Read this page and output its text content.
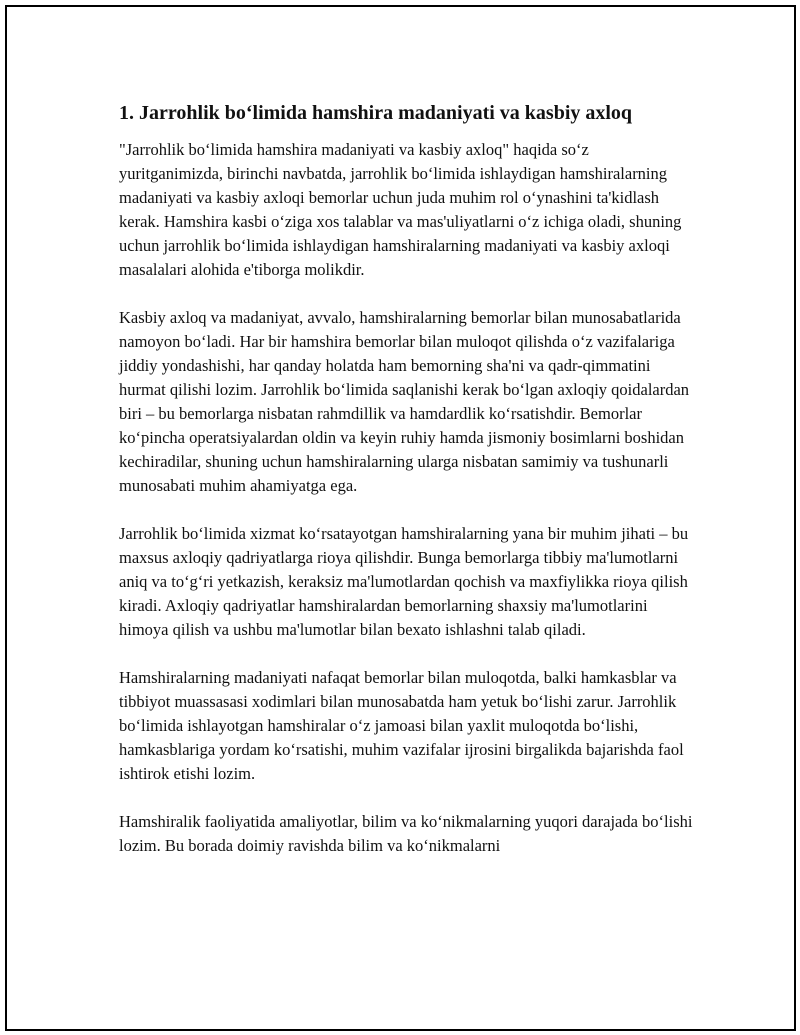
1. Jarrohlik bo‘limida hamshira madaniyati va kasbiy axloq

"Jarrohlik bo‘limida hamshira madaniyati va kasbiy axloq" haqida so‘z yuritganimizda, birinchi navbatda, jarrohlik bo‘limida ishlaydigan hamshiralarning madaniyati va kasbiy axloqi bemorlar uchun juda muhim rol o‘ynashini ta'kidlash kerak. Hamshira kasbi o‘ziga xos talablar va mas'uliyatlarni o‘z ichiga oladi, shuning uchun jarrohlik bo‘limida ishlaydigan hamshiralarning madaniyati va kasbiy axloqi masalalari alohida e'tiborga molikdir.

Kasbiy axloq va madaniyat, avvalo, hamshiralarning bemorlar bilan munosabatlarida namoyon bo‘ladi. Har bir hamshira bemorlar bilan muloqot qilishda o‘z vazifalariga jiddiy yondashishi, har qanday holatda ham bemorning sha'ni va qadr-qimmatini hurmat qilishi lozim. Jarrohlik bo‘limida saqlanishi kerak bo‘lgan axloqiy qoidalardan biri – bu bemorlarga nisbatan rahmdillik va hamdardlik ko‘rsatishdir. Bemorlar ko‘pincha operatsiyalardan oldin va keyin ruhiy hamda jismoniy bosimlarni boshidan kechiradilar, shuning uchun hamshiralarning ularga nisbatan samimiy va tushunarli munosabati muhim ahamiyatga ega.

Jarrohlik bo‘limida xizmat ko‘rsatayotgan hamshiralarning yana bir muhim jihati – bu maxsus axloqiy qadriyatlarga rioya qilishdir. Bunga bemorlarga tibbiy ma'lumotlarni aniq va to‘g‘ri yetkazish, keraksiz ma'lumotlardan qochish va maxfiylikka rioya qilish kiradi. Axloqiy qadriyatlar hamshiralardan bemorlarning shaxsiy ma'lumotlarini himoya qilish va ushbu ma'lumotlar bilan bexato ishlashni talab qiladi.

Hamshiralarning madaniyati nafaqat bemorlar bilan muloqotda, balki hamkasblar va tibbiyot muassasasi xodimlari bilan munosabatda ham yetuk bo‘lishi zarur. Jarrohlik bo‘limida ishlayotgan hamshiralar o‘z jamoasi bilan yaxlit muloqotda bo‘lishi, hamkasblariga yordam ko‘rsatishi, muhim vazifalar ijrosini birgalikda bajarishda faol ishtirok etishi lozim.

Hamshiralik faoliyatida amaliyotlar, bilim va ko‘nikmalarning yuqori darajada bo‘lishi lozim. Bu borada doimiy ravishda bilim va ko‘nikmalarni
